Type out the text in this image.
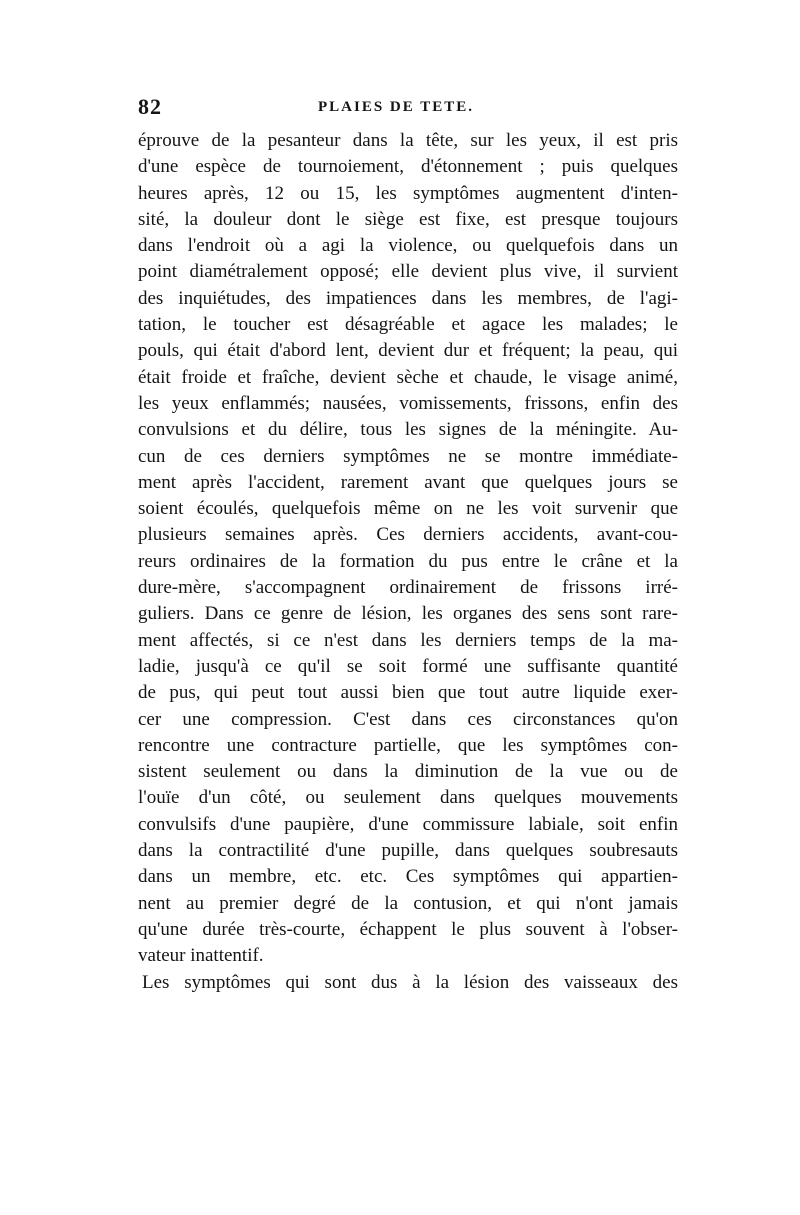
82	PLAIES DE TETE.
éprouve de la pesanteur dans la tête, sur les yeux, il est pris
d'une espèce de tournoiement, d'étonnement ; puis quelques
heures après, 12 ou 15, les symptômes augmentent d'inten-
sité, la douleur dont le siège est fixe, est presque toujours
dans l'endroit où a agi la violence, ou quelquefois dans un
point diamétralement opposé; elle devient plus vive, il survient
des inquiétudes, des impatiences dans les membres, de l'agi-
tation, le toucher est désagréable et agace les malades; le
pouls, qui était d'abord lent, devient dur et fréquent; la peau, qui
était froide et fraîche, devient sèche et chaude, le visage animé,
les yeux enflammés; nausées, vomissements, frissons, enfin des
convulsions et du délire, tous les signes de la méningite. Au-
cun de ces derniers symptômes ne se montre immédiate-
ment après l'accident, rarement avant que quelques jours se
soient écoulés, quelquefois même on ne les voit survenir que
plusieurs semaines après. Ces derniers accidents, avant-cou-
reurs ordinaires de la formation du pus entre le crâne et la
dure-mère, s'accompagnent ordinairement de frissons irré-
guliers. Dans ce genre de lésion, les organes des sens sont rare-
ment affectés, si ce n'est dans les derniers temps de la ma-
ladie, jusqu'à ce qu'il se soit formé une suffisante quantité
de pus, qui peut tout aussi bien que tout autre liquide exer-
cer une compression. C'est dans ces circonstances qu'on
rencontre une contracture partielle, que les symptômes con-
sistent seulement ou dans la diminution de la vue ou de
l'ouïe d'un côté, ou seulement dans quelques mouvements
convulsifs d'une paupière, d'une commissure labiale, soit enfin
dans la contractilité d'une pupille, dans quelques soubresauts
dans un membre, etc. etc. Ces symptômes qui appartien-
nent au premier degré de la contusion, et qui n'ont jamais
qu'une durée très-courte, échappent le plus souvent à l'obser-
vateur inattentif.
Les symptômes qui sont dus à la lésion des vaisseaux des
